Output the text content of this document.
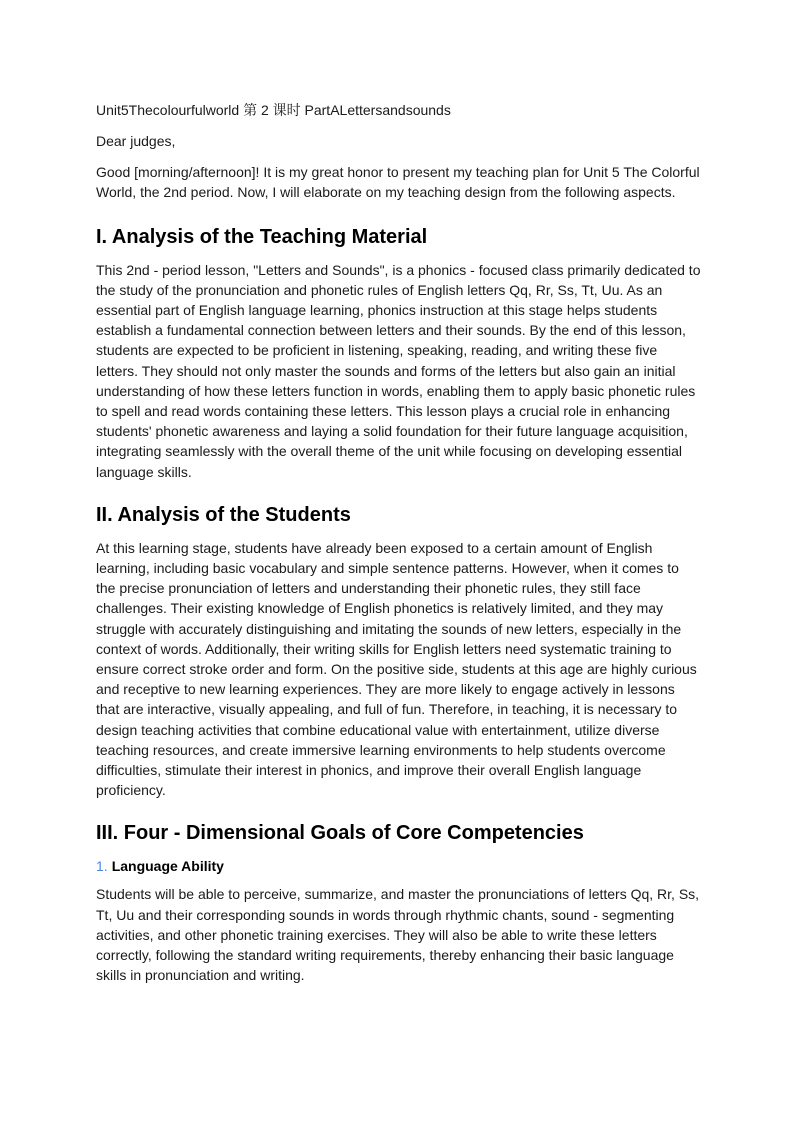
Unit5Thecolourfulworld 第 2 课时 PartALettersandsounds
Dear judges,
Good [morning/afternoon]! It is my great honor to present my teaching plan for Unit 5 The Colorful World, the 2nd period. Now, I will elaborate on my teaching design from the following aspects.
I. Analysis of the Teaching Material
This 2nd - period lesson, "Letters and Sounds", is a phonics - focused class primarily dedicated to the study of the pronunciation and phonetic rules of English letters Qq, Rr, Ss, Tt, Uu. As an essential part of English language learning, phonics instruction at this stage helps students establish a fundamental connection between letters and their sounds. By the end of this lesson, students are expected to be proficient in listening, speaking, reading, and writing these five letters. They should not only master the sounds and forms of the letters but also gain an initial understanding of how these letters function in words, enabling them to apply basic phonetic rules to spell and read words containing these letters. This lesson plays a crucial role in enhancing students' phonetic awareness and laying a solid foundation for their future language acquisition, integrating seamlessly with the overall theme of the unit while focusing on developing essential language skills.
II. Analysis of the Students
At this learning stage, students have already been exposed to a certain amount of English learning, including basic vocabulary and simple sentence patterns. However, when it comes to the precise pronunciation of letters and understanding their phonetic rules, they still face challenges. Their existing knowledge of English phonetics is relatively limited, and they may struggle with accurately distinguishing and imitating the sounds of new letters, especially in the context of words. Additionally, their writing skills for English letters need systematic training to ensure correct stroke order and form. On the positive side, students at this age are highly curious and receptive to new learning experiences. They are more likely to engage actively in lessons that are interactive, visually appealing, and full of fun. Therefore, in teaching, it is necessary to design teaching activities that combine educational value with entertainment, utilize diverse teaching resources, and create immersive learning environments to help students overcome difficulties, stimulate their interest in phonics, and improve their overall English language proficiency.
III. Four - Dimensional Goals of Core Competencies
1. Language Ability
Students will be able to perceive, summarize, and master the pronunciations of letters Qq, Rr, Ss, Tt, Uu and their corresponding sounds in words through rhythmic chants, sound - segmenting activities, and other phonetic training exercises. They will also be able to write these letters correctly, following the standard writing requirements, thereby enhancing their basic language skills in pronunciation and writing.
